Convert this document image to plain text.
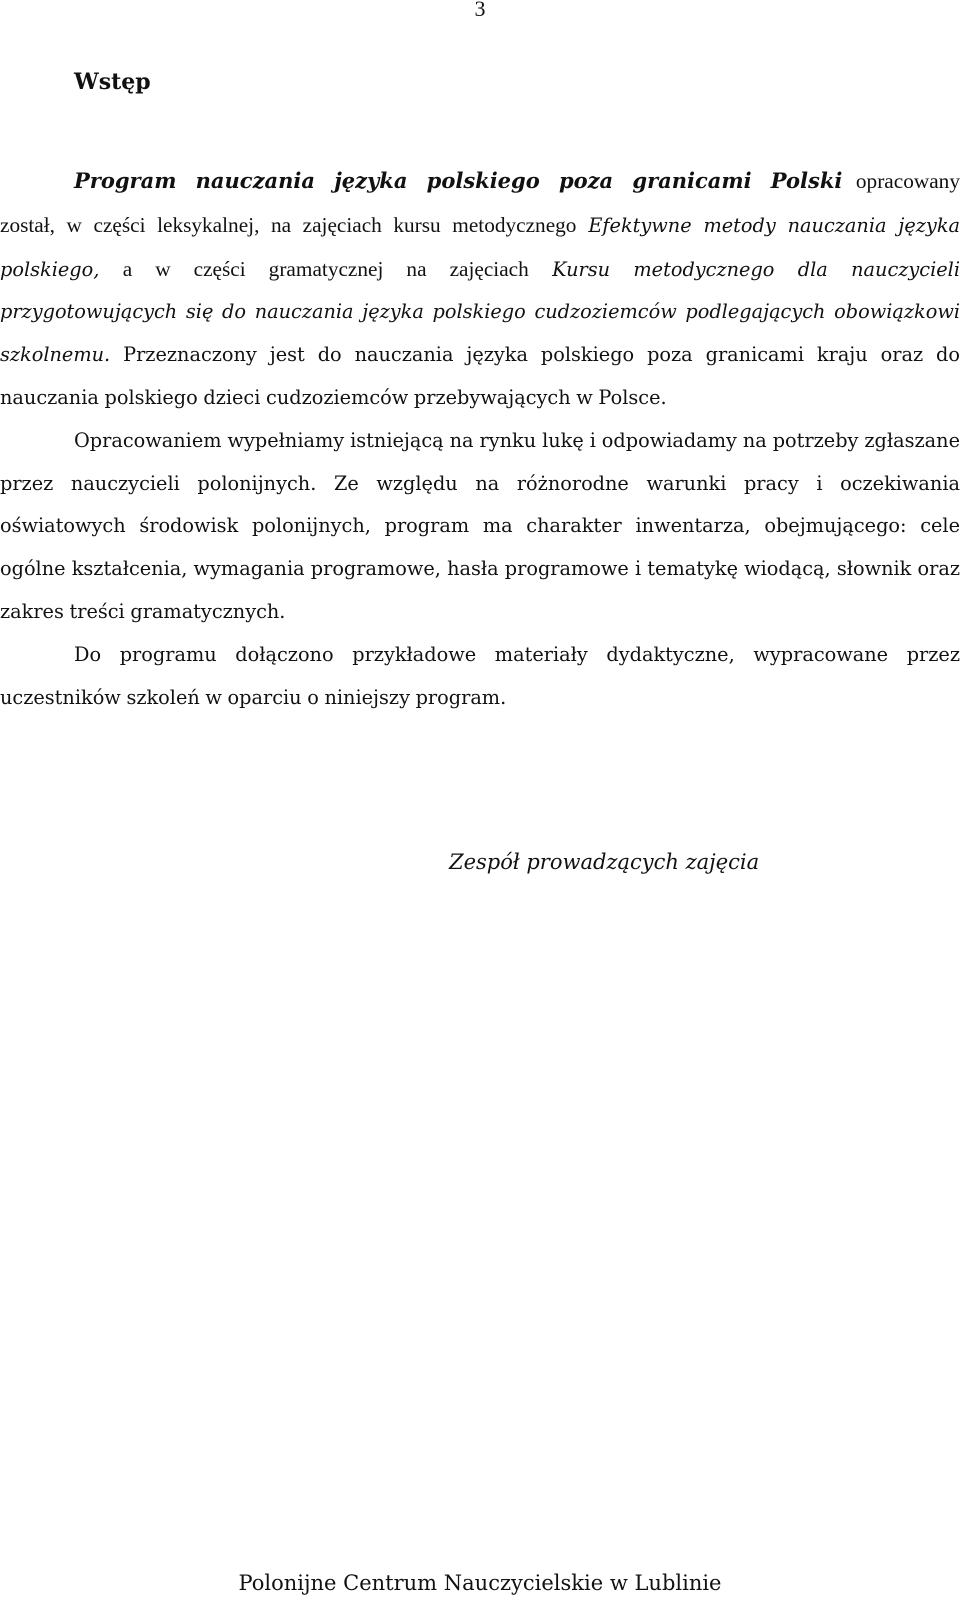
3
Wstęp

Program nauczania języka polskiego poza granicami Polski opracowany został, w części leksykalnej, na zajęciach kursu metodycznego Efektywne metody nauczania języka polskiego, a w części gramatycznej na zajęciach Kursu metodycznego dla nauczycieli przygotowujących się do nauczania języka polskiego cudzoziemców podlegających obowiązkowi szkolnemu. Przeznaczony jest do nauczania języka polskiego poza granicami kraju oraz do nauczania polskiego dzieci cudzoziemców przebywających w Polsce.

Opracowaniem wypełniamy istniejącą na rynku lukę i odpowiadamy na potrzeby zgłaszane przez nauczycieli polonijnych. Ze względu na różnorodne warunki pracy i oczekiwania oświatowych środowisk polonijnych, program ma charakter inwentarza, obejmującego: cele ogólne kształcenia, wymagania programowe, hasła programowe i tematykę wiodącą, słownik oraz zakres treści gramatycznych.

Do programu dołączono przykładowe materiały dydaktyczne, wypracowane przez uczestników szkoleń w oparciu o niniejszy program.

Zespół prowadzących zajęcia
Polonijne Centrum Nauczycielskie w Lublinie
